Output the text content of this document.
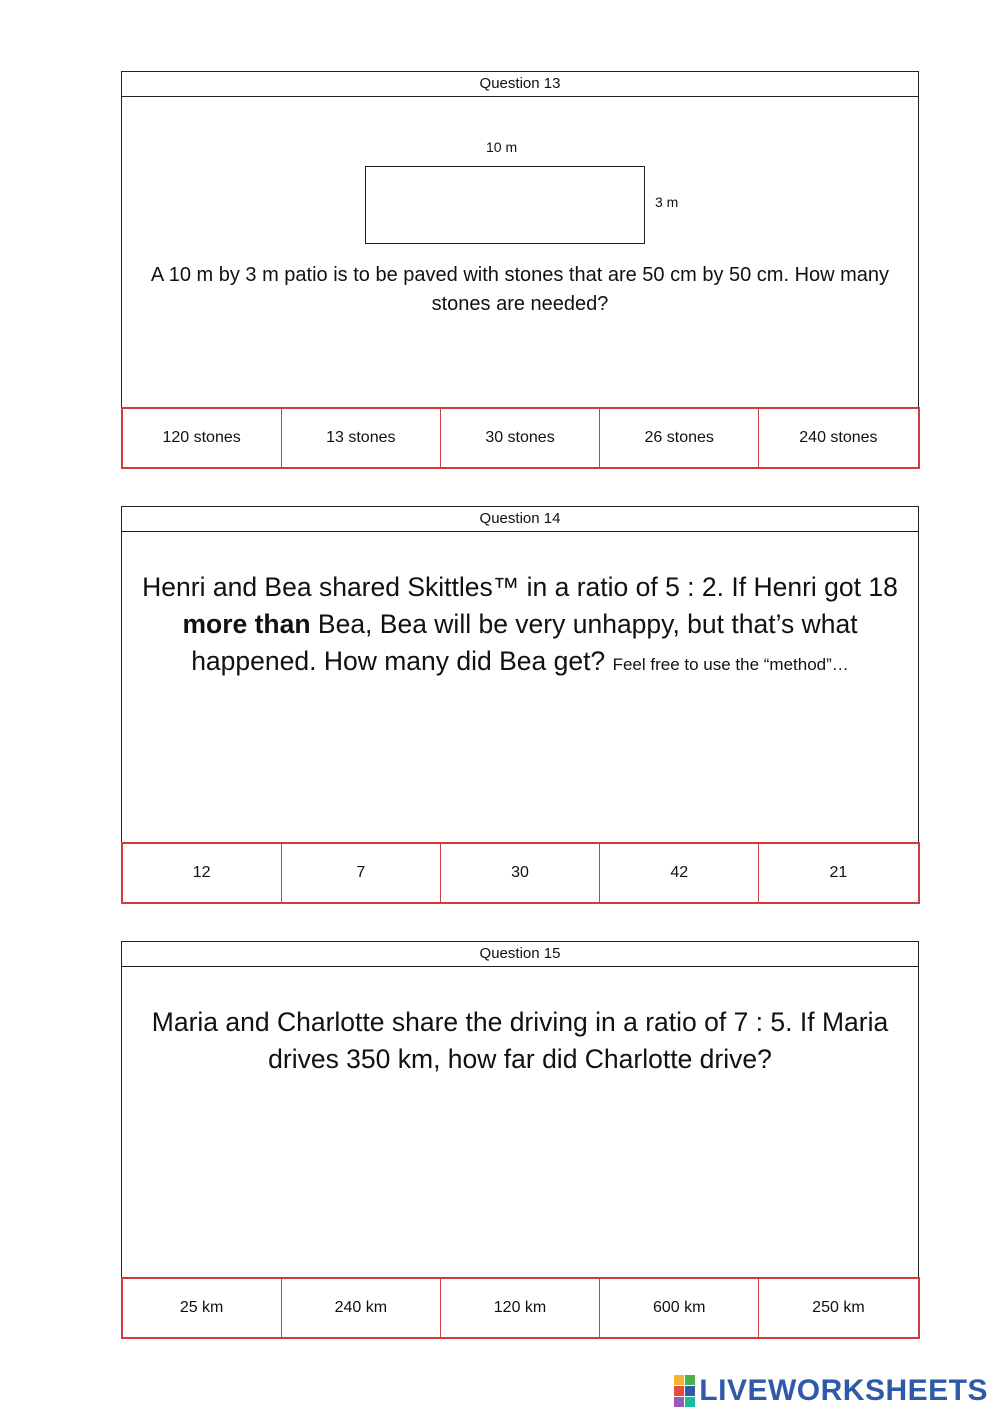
Question 13
10 m
3 m
A 10 m by 3 m patio is to be paved with stones that are 50 cm by 50 cm. How many stones are needed?
120 stones	13 stones	30 stones	26 stones	240 stones
Question 14
Henri and Bea shared Skittles™ in a ratio of 5 : 2. If Henri got 18 more than Bea, Bea will be very unhappy, but that’s what happened. How many did Bea get? Feel free to use the “method”…
12	7	30	42	21
Question 15
Maria and Charlotte share the driving in a ratio of 7 : 5. If Maria drives 350 km, how far did Charlotte drive?
25 km	240 km	120 km	600 km	250 km
LIVEWORKSHEETS
